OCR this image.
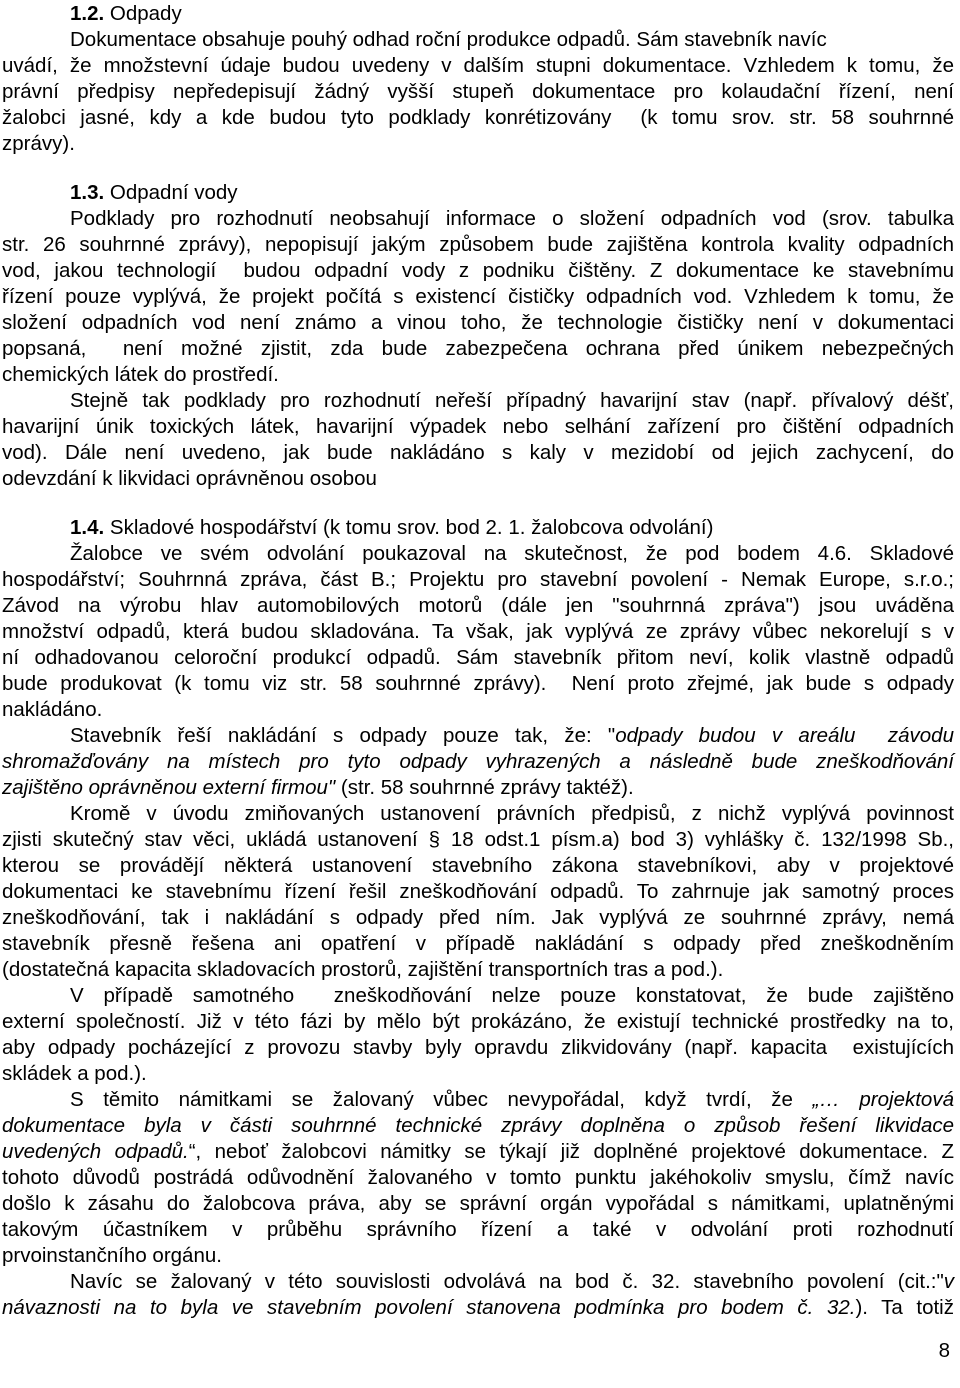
1.2. Odpady
Dokumentace obsahuje pouhý odhad roční produkce odpadů. Sám stavebník navíc
uvádí, že množstevní údaje budou uvedeny v dalším stupni dokumentace. Vzhledem k tomu, že
právní předpisy nepředepisují žádný vyšší stupeň dokumentace pro kolaudační řízení, není
žalobci jasné, kdy a kde budou tyto podklady konrétizovány  (k tomu srov. str. 58 souhrnné
zprávy).
1.3. Odpadní vody
Podklady pro rozhodnutí neobsahují informace o složení odpadních vod (srov. tabulka
str. 26 souhrnné zprávy), nepopisují jakým způsobem bude zajištěna kontrola kvality odpadních
vod, jakou technologií  budou odpadní vody z podniku čištěny. Z dokumentace ke stavebnímu
řízení pouze vyplývá, že projekt počítá s existencí čističky odpadních vod. Vzhledem k tomu, že
složení odpadních vod není známo a vinou toho, že technologie čističky není v dokumentaci
popsaná,  není možné zjistit, zda bude zabezpečena ochrana před únikem nebezpečných
chemických látek do prostředí.
Stejně tak podklady pro rozhodnutí neřeší případný havarijní stav (např. přívalový déšť,
havarijní únik toxických látek, havarijní výpadek nebo selhání zařízení pro čištění odpadních
vod). Dále není uvedeno, jak bude nakládáno s kaly v mezidobí od jejich zachycení, do
odevzdání k likvidaci oprávněnou osobou
1.4. Skladové hospodářství (k tomu srov. bod 2. 1. žalobcova odvolání)
Žalobce ve svém odvolání poukazoval na skutečnost, že pod bodem 4.6. Skladové
hospodářství; Souhrnná zpráva, část B.; Projektu pro stavební povolení - Nemak Europe, s.r.o.;
Závod na výrobu hlav automobilových motorů (dále jen "souhrnná zpráva") jsou uváděna
množství odpadů, která budou skladována. Ta však, jak vyplývá ze zprávy vůbec nekorelují s v
ní odhadovanou celoroční produkcí odpadů. Sám stavebník přitom neví, kolik vlastně odpadů
bude produkovat (k tomu viz str. 58 souhrnné zprávy).  Není proto zřejmé, jak bude s odpady
nakládáno.
Stavebník řeší nakládání s odpady pouze tak, že: "odpady budou v areálu  závodu
shromažďovány na místech pro tyto odpady vyhrazených a následně bude zneškodňování
zajištěno oprávněnou externí firmou" (str. 58 souhrnné zprávy taktéž).
Kromě v úvodu zmiňovaných ustanovení právních předpisů, z nichž vyplývá povinnost
zjisti skutečný stav věci, ukládá ustanovení § 18 odst.1 písm.a) bod 3) vyhlášky č. 132/1998 Sb.,
kterou se provádějí některá ustanovení stavebního zákona stavebníkovi, aby v projektové
dokumentaci ke stavebnímu řízení řešil zneškodňování odpadů. To zahrnuje jak samotný proces
zneškodňování, tak i nakládání s odpady před ním. Jak vyplývá ze souhrnné zprávy, nemá
stavebník přesně řešena ani opatření v případě nakládání s odpady před zneškodněním
(dostatečná kapacita skladovacích prostorů, zajištění transportních tras a pod.).
V případě samotného  zneškodňování nelze pouze konstatovat, že bude zajištěno
externí společností. Již v této fázi by mělo být prokázáno, že existují technické prostředky na to,
aby odpady pocházející z provozu stavby byly opravdu zlikvidovány (např. kapacita  existujících
skládek a pod.).
S těmito námitkami se žalovaný vůbec nevypořádal, když tvrdí, že „… projektová
dokumentace byla v části souhrnné technické zprávy doplněna o způsob řešení likvidace
uvedených odpadů.“, neboť žalobcovi námitky se týkají již doplněné projektové dokumentace. Z
tohoto důvodů postrádá odůvodnění žalovaného v tomto punktu jakéhokoliv smyslu, čímž navíc
došlo k zásahu do žalobcova práva, aby se správní orgán vypořádal s námitkami, uplatněnými
takovým účastníkem v průběhu správního řízení a také v odvolání proti rozhodnutí
prvoinstančního orgánu.
Navíc se žalovaný v této souvislosti odvolává na bod č. 32. stavebního povolení (cit.:"v
návaznosti na to byla ve stavebním povolení stanovena podmínka pro bodem č. 32.). Ta totiž
8
